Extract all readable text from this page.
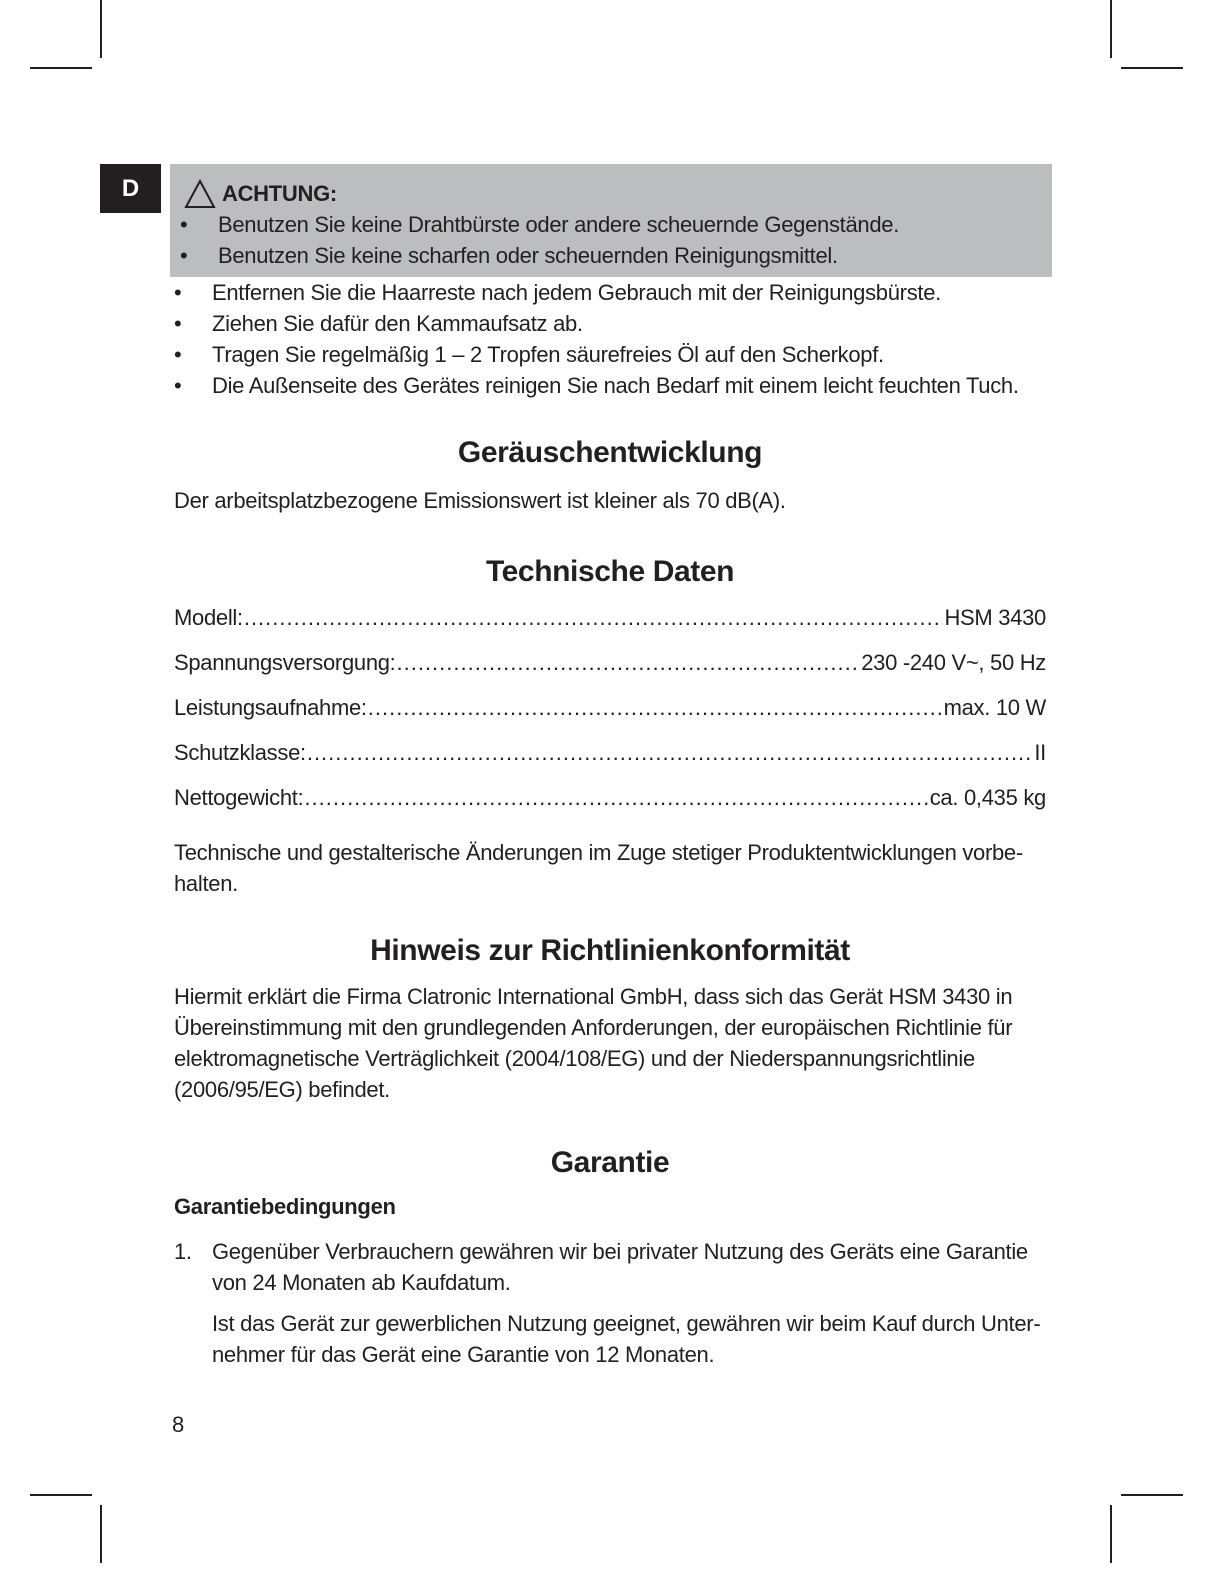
D	ACHTUNG:
• Benutzen Sie keine Drahtbürste oder andere scheuernde Gegenstände.
• Benutzen Sie keine scharfen oder scheuernden Reinigungsmittel.
• Entfernen Sie die Haarreste nach jedem Gebrauch mit der Reinigungsbürste.
• Ziehen Sie dafür den Kammaufsatz ab.
• Tragen Sie regelmäßig 1 – 2 Tropfen säurefreies Öl auf den Scherkopf.
• Die Außenseite des Gerätes reinigen Sie nach Bedarf mit einem leicht feuchten Tuch.
Geräuschentwicklung

Der arbeitsplatzbezogene Emissionswert ist kleiner als 70 dB(A).

Technische Daten
Modell: .....	HSM 3430
Spannungsversorgung: .....	230 -240 V~, 50 Hz
Leistungsaufnahme: .....	max. 10 W
Schutzklasse: .....	II
Nettogewicht: .....	ca. 0,435 kg

Technische und gestalterische Änderungen im Zuge stetiger Produktentwicklungen vorbe-halten.

Hinweis zur Richtlinienkonformität

Hiermit erklärt die Firma Clatronic International GmbH, dass sich das Gerät HSM 3430 in Übereinstimmung mit den grundlegenden Anforderungen, der europäischen Richtlinie für elektromagnetische Verträglichkeit (2004/108/EG) und der Niederspannungsrichtlinie (2006/95/EG) befindet.

Garantie

Garantiebedingungen

1. Gegenüber Verbrauchern gewähren wir bei privater Nutzung des Geräts eine Garantie von 24 Monaten ab Kaufdatum.

Ist das Gerät zur gewerblichen Nutzung geeignet, gewähren wir beim Kauf durch Unter-nehmer für das Gerät eine Garantie von 12 Monaten.

8
